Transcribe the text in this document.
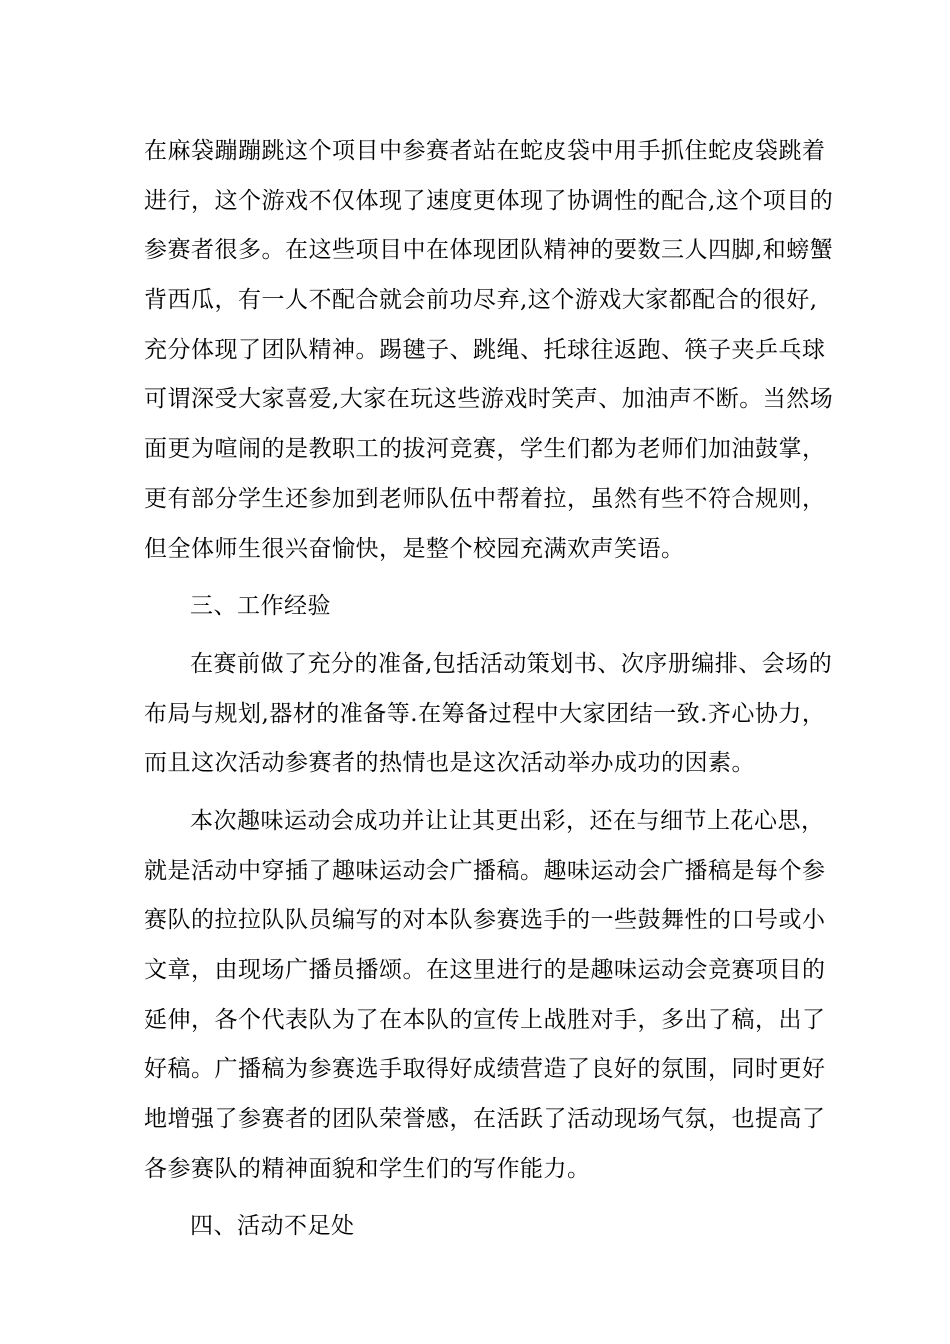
在麻袋蹦蹦跳这个项目中参赛者站在蛇皮袋中用手抓住蛇皮袋跳着
进行，这个游戏不仅体现了速度更体现了协调性的配合,这个项目的
参赛者很多。在这些项目中在体现团队精神的要数三人四脚,和螃蟹
背西瓜，有一人不配合就会前功尽弃,这个游戏大家都配合的很好,
充分体现了团队精神。踢毽子、跳绳、托球往返跑、筷子夹乒乓球
可谓深受大家喜爱,大家在玩这些游戏时笑声、加油声不断。当然场
面更为喧闹的是教职工的拔河竞赛，学生们都为老师们加油鼓掌，
更有部分学生还参加到老师队伍中帮着拉，虽然有些不符合规则，
但全体师生很兴奋愉快，是整个校园充满欢声笑语。
三、工作经验
在赛前做了充分的准备,包括活动策划书、次序册编排、会场的
布局与规划,器材的准备等.在筹备过程中大家团结一致.齐心协力，
而且这次活动参赛者的热情也是这次活动举办成功的因素。
本次趣味运动会成功并让让其更出彩，还在与细节上花心思，
就是活动中穿插了趣味运动会广播稿。趣味运动会广播稿是每个参
赛队的拉拉队队员编写的对本队参赛选手的一些鼓舞性的口号或小
文章，由现场广播员播颂。在这里进行的是趣味运动会竞赛项目的
延伸，各个代表队为了在本队的宣传上战胜对手，多出了稿，出了
好稿。广播稿为参赛选手取得好成绩营造了良好的氛围，同时更好
地增强了参赛者的团队荣誉感，在活跃了活动现场气氛，也提高了
各参赛队的精神面貌和学生们的写作能力。
四、活动不足处
